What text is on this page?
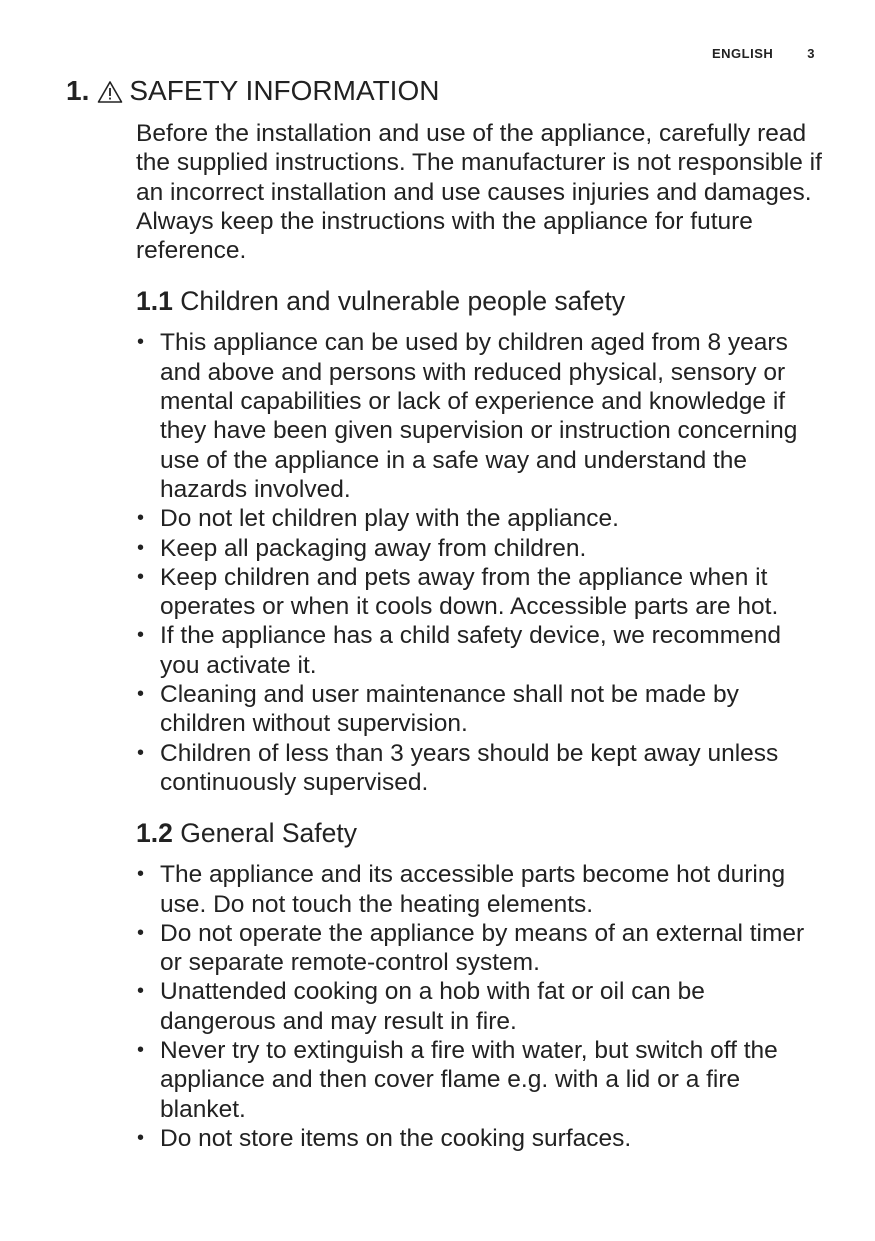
ENGLISH	3
1. SAFETY INFORMATION

Before the installation and use of the appliance, carefully read the supplied instructions. The manufacturer is not responsible if an incorrect installation and use causes injuries and damages. Always keep the instructions with the appliance for future reference.

1.1 Children and vulnerable people safety
• This appliance can be used by children aged from 8 years and above and persons with reduced physical, sensory or mental capabilities or lack of experience and knowledge if they have been given supervision or instruction concerning use of the appliance in a safe way and understand the hazards involved.
• Do not let children play with the appliance.
• Keep all packaging away from children.
• Keep children and pets away from the appliance when it operates or when it cools down. Accessible parts are hot.
• If the appliance has a child safety device, we recommend you activate it.
• Cleaning and user maintenance shall not be made by children without supervision.
• Children of less than 3 years should be kept away unless continuously supervised.
1.2 General Safety
• The appliance and its accessible parts become hot during use. Do not touch the heating elements.
• Do not operate the appliance by means of an external timer or separate remote-control system.
• Unattended cooking on a hob with fat or oil can be dangerous and may result in fire.
• Never try to extinguish a fire with water, but switch off the appliance and then cover flame e.g. with a lid or a fire blanket.
• Do not store items on the cooking surfaces.
